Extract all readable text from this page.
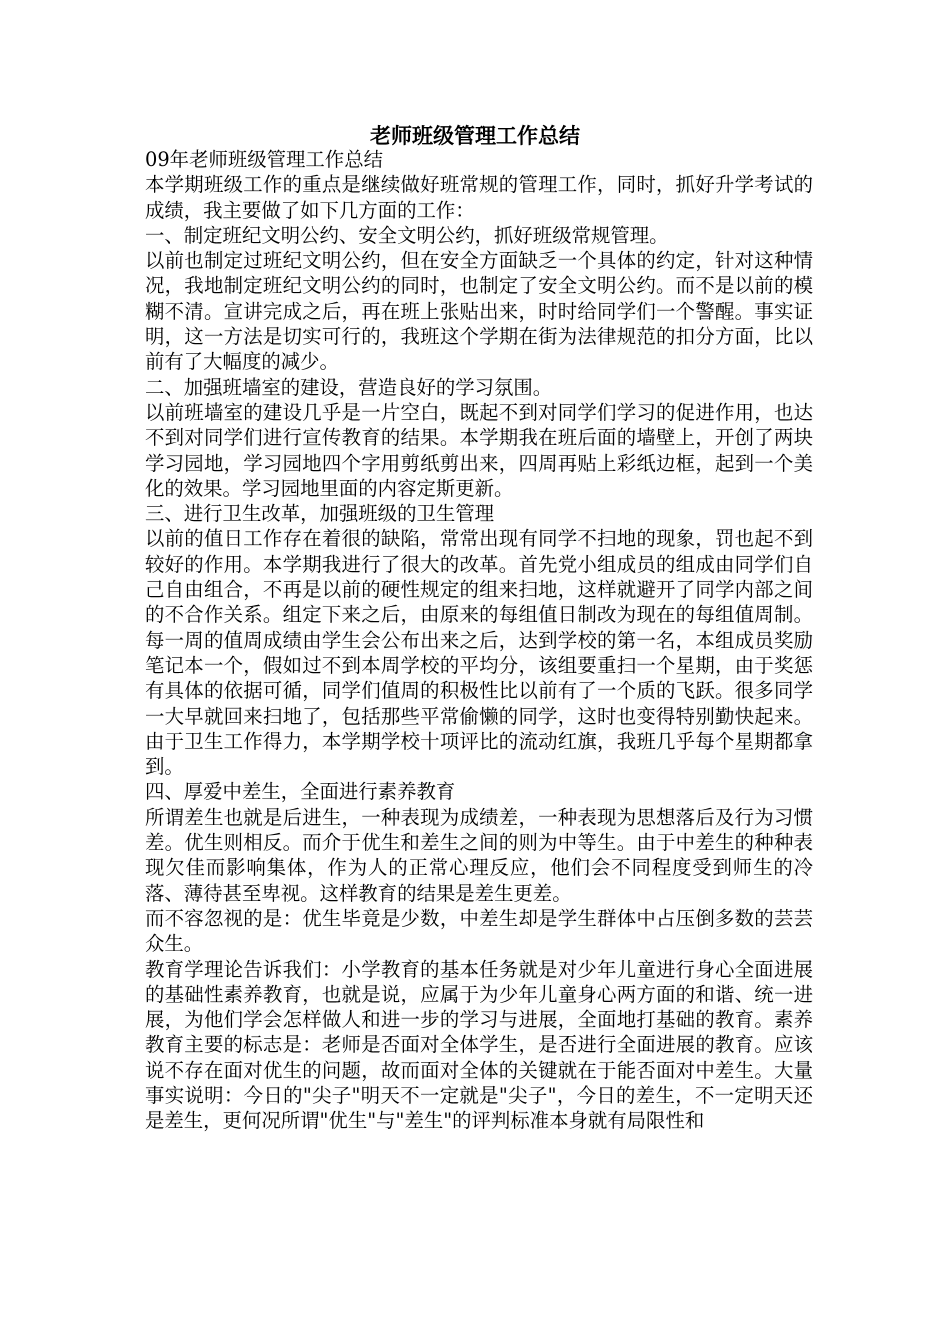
老师班级管理工作总结

09年老师班级管理工作总结

本学期班级工作的重点是继续做好班常规的管理工作，同时，抓好升学考试的成绩，我主要做了如下几方面的工作：

一、制定班纪文明公约、安全文明公约，抓好班级常规管理。

以前也制定过班纪文明公约，但在安全方面缺乏一个具体的约定，针对这种情况，我地制定班纪文明公约的同时，也制定了安全文明公约。而不是以前的模糊不清。宣讲完成之后，再在班上张贴出来，时时给同学们一个警醒。事实证明，这一方法是切实可行的，我班这个学期在街为法律规范的扣分方面，比以前有了大幅度的减少。

二、加强班墙室的建设，营造良好的学习氛围。

以前班墙室的建设几乎是一片空白，既起不到对同学们学习的促进作用，也达不到对同学们进行宣传教育的结果。本学期我在班后面的墙壁上，开创了两块学习园地，学习园地四个字用剪纸剪出来，四周再贴上彩纸边框，起到一个美化的效果。学习园地里面的内容定斯更新。

三、进行卫生改革，加强班级的卫生管理

以前的值日工作存在着很的缺陷，常常出现有同学不扫地的现象，罚也起不到较好的作用。本学期我进行了很大的改革。首先党小组成员的组成由同学们自己自由组合，不再是以前的硬性规定的组来扫地，这样就避开了同学内部之间的不合作关系。组定下来之后，由原来的每组值日制改为现在的每组值周制。每一周的值周成绩由学生会公布出来之后，达到学校的第一名，本组成员奖励笔记本一个，假如过不到本周学校的平均分，该组要重扫一个星期，由于奖惩有具体的依据可循，同学们值周的积极性比以前有了一个质的飞跃。很多同学一大早就回来扫地了，包括那些平常偷懒的同学，这时也变得特别勤快起来。由于卫生工作得力，本学期学校十项评比的流动红旗，我班几乎每个星期都拿到。

四、厚爱中差生，全面进行素养教育

所谓差生也就是后进生，一种表现为成绩差，一种表现为思想落后及行为习惯差。优生则相反。而介于优生和差生之间的则为中等生。由于中差生的种种表现欠佳而影响集体，作为人的正常心理反应，他们会不同程度受到师生的冷落、薄待甚至卑视。这样教育的结果是差生更差。

而不容忽视的是：优生毕竟是少数，中差生却是学生群体中占压倒多数的芸芸众生。

教育学理论告诉我们：小学教育的基本任务就是对少年儿童进行身心全面进展的基础性素养教育，也就是说，应属于为少年儿童身心两方面的和谐、统一进展，为他们学会怎样做人和进一步的学习与进展，全面地打基础的教育。素养教育主要的标志是：老师是否面对全体学生，是否进行全面进展的教育。应该说不存在面对优生的问题，故而面对全体的关键就在于能否面对中差生。大量事实说明：今日的"尖子"明天不一定就是"尖子"，今日的差生，不一定明天还是差生，更何况所谓"优生"与"差生"的评判标准本身就有局限性和
